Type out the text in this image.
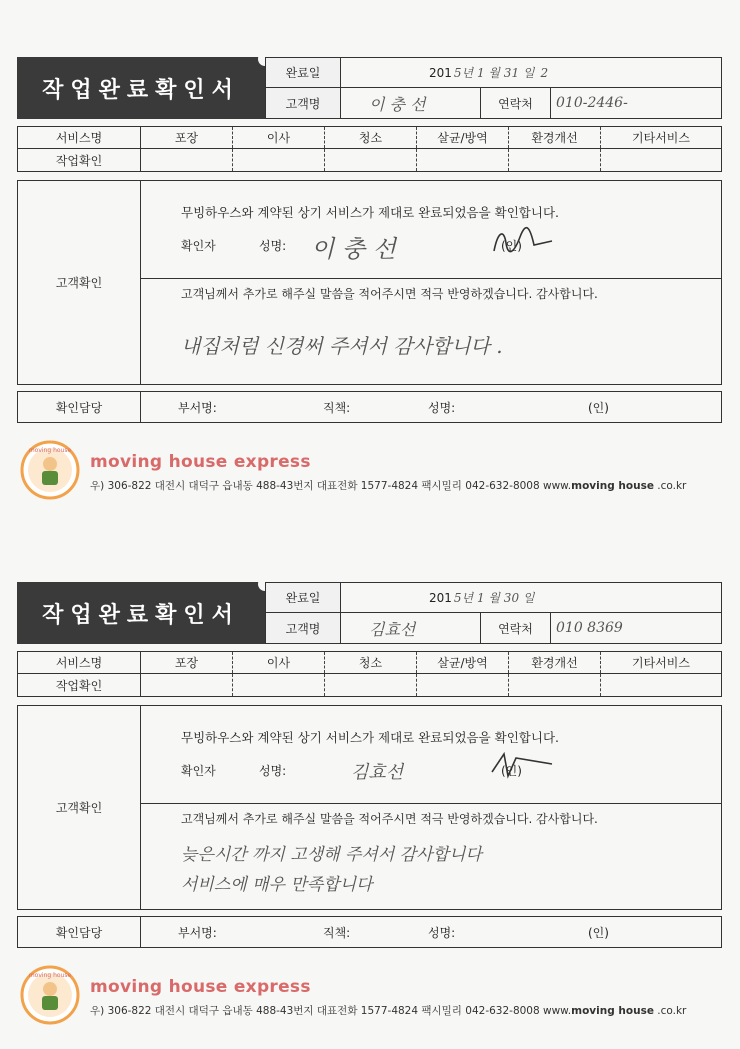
작업완료확인서
완료일	201 5년 1 월 31 일 2
고객명	이 충 선	연락처	010-2446-
서비스명	포장	이사	청소	살균/방역	환경개선	기타서비스
작업확인
고객확인
무빙하우스와 계약된 상기 서비스가 제대로 완료되었음을 확인합니다.
확인자	성명: 이 충 선	(인)
고객님께서 추가로 해주실 말씀을 적어주시면 적극 반영하겠습니다. 감사합니다.
내집처럼 신경써 주셔서 감사합니다 .
확인담당	부서명:	직책:	성명:	(인)
moving house
moving house express
우) 306-822 대전시 대덕구 읍내동 488-43번지 대표전화 1577-4824 팩시밀리 042-632-8008 www.moving house .co.kr
작업완료확인서
완료일	201 5년 1 월 30 일
고객명	김효선	연락처	010 8369
서비스명	포장	이사	청소	살균/방역	환경개선	기타서비스
작업확인
고객확인
무빙하우스와 계약된 상기 서비스가 제대로 완료되었음을 확인합니다.
확인자	성명:	김효선	(인)
고객님께서 추가로 해주실 말씀을 적어주시면 적극 반영하겠습니다. 감사합니다.
늦은시간 까지 고생해 주셔서 감사합니다
서비스에 매우 만족합니다
확인담당	부서명:	직책:	성명:	(인)
moving house
moving house express
우) 306-822 대전시 대덕구 읍내동 488-43번지 대표전화 1577-4824 팩시밀리 042-632-8008 www.moving house .co.kr
